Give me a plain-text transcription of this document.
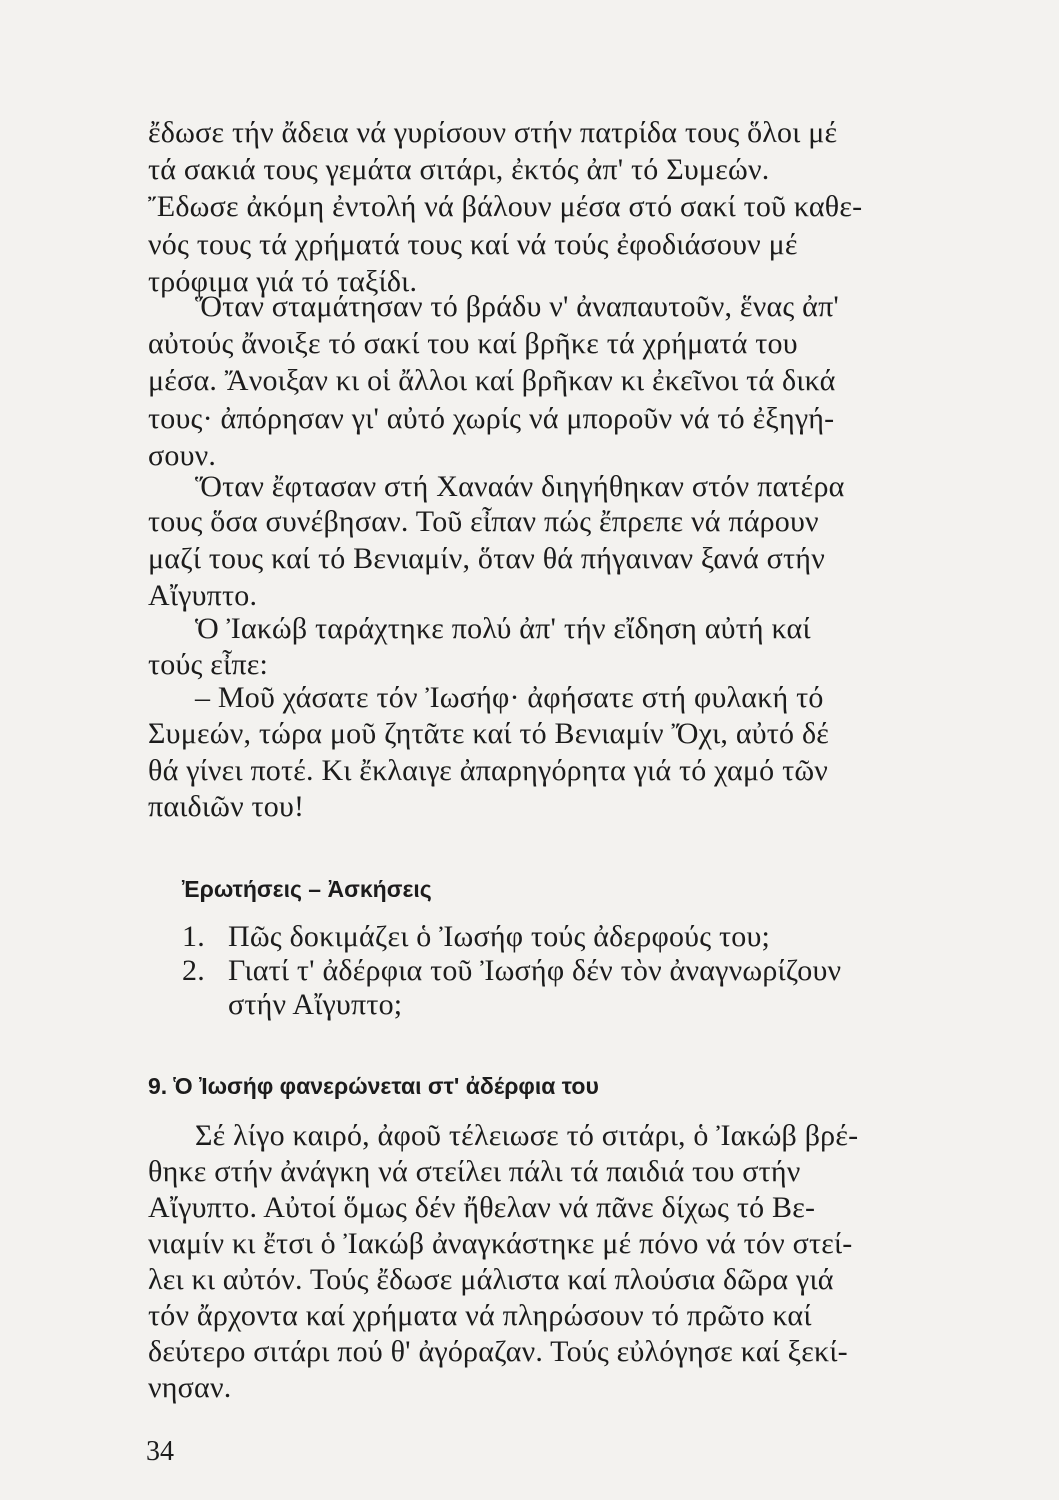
ἔδωσε τήν ἄδεια νά γυρίσουν στήν πατρίδα τους ὅλοι μέ
τά σακιά τους γεμάτα σιτάρι, ἐκτός ἀπ' τό Συμεών.
Ἔδωσε ἀκόμη ἐντολή νά βάλουν μέσα στό σακί τοῦ καθε-
νός τους τά χρήματά τους καί νά τούς ἐφοδιάσουν μέ
τρόφιμα γιά τό ταξίδι.
Ὅταν σταμάτησαν τό βράδυ ν' ἀναπαυτοῦν, ἕνας ἀπ'
αὐτούς ἄνοιξε τό σακί του καί βρῆκε τά χρήματά του
μέσα. Ἄνοιξαν κι οἱ ἄλλοι καί βρῆκαν κι ἐκεῖνοι τά δικά
τους· ἀπόρησαν γι' αὐτό χωρίς νά μποροῦν νά τό ἐξηγή-
σουν.
Ὅταν ἔφτασαν στή Χαναάν διηγήθηκαν στόν πατέρα
τους ὅσα συνέβησαν. Τοῦ εἶπαν πώς ἔπρεπε νά πάρουν
μαζί τους καί τό Βενιαμίν, ὅταν θά πήγαιναν ξανά στήν
Αἴγυπτο.
Ὁ Ἰακώβ ταράχτηκε πολύ ἀπ' τήν εἴδηση αὐτή καί
τούς εἶπε:
– Μοῦ χάσατε τόν Ἰωσήφ· ἀφήσατε στή φυλακή τό
Συμεών, τώρα μοῦ ζητᾶτε καί τό Βενιαμίν Ὄχι, αὐτό δέ
θά γίνει ποτέ. Κι ἔκλαιγε ἀπαρηγόρητα γιά τό χαμό τῶν
παιδιῶν του!
Ἐρωτήσεις – Ἀσκήσεις
1. Πῶς δοκιμάζει ὁ Ἰωσήφ τούς ἀδερφούς του;
2. Γιατί τ' ἀδέρφια τοῦ Ἰωσήφ δέν τὸν ἀναγνωρίζουν
στήν Αἴγυπτο;
9. Ὁ Ἰωσήφ φανερώνεται στ' ἀδέρφια του
Σέ λίγο καιρό, ἀφοῦ τέλειωσε τό σιτάρι, ὁ Ἰακώβ βρέ-
θηκε στήν ἀνάγκη νά στείλει πάλι τά παιδιά του στήν
Αἴγυπτο. Αὐτοί ὅμως δέν ἤθελαν νά πᾶνε δίχως τό Βε-
νιαμίν κι ἔτσι ὁ Ἰακώβ ἀναγκάστηκε μέ πόνο νά τόν στεί-
λει κι αὐτόν. Τούς ἔδωσε μάλιστα καί πλούσια δῶρα γιά
τόν ἄρχοντα καί χρήματα νά πληρώσουν τό πρῶτο καί
δεύτερο σιτάρι πού θ' ἀγόραζαν. Τούς εὐλόγησε καί ξεκί-
νησαν.
34
